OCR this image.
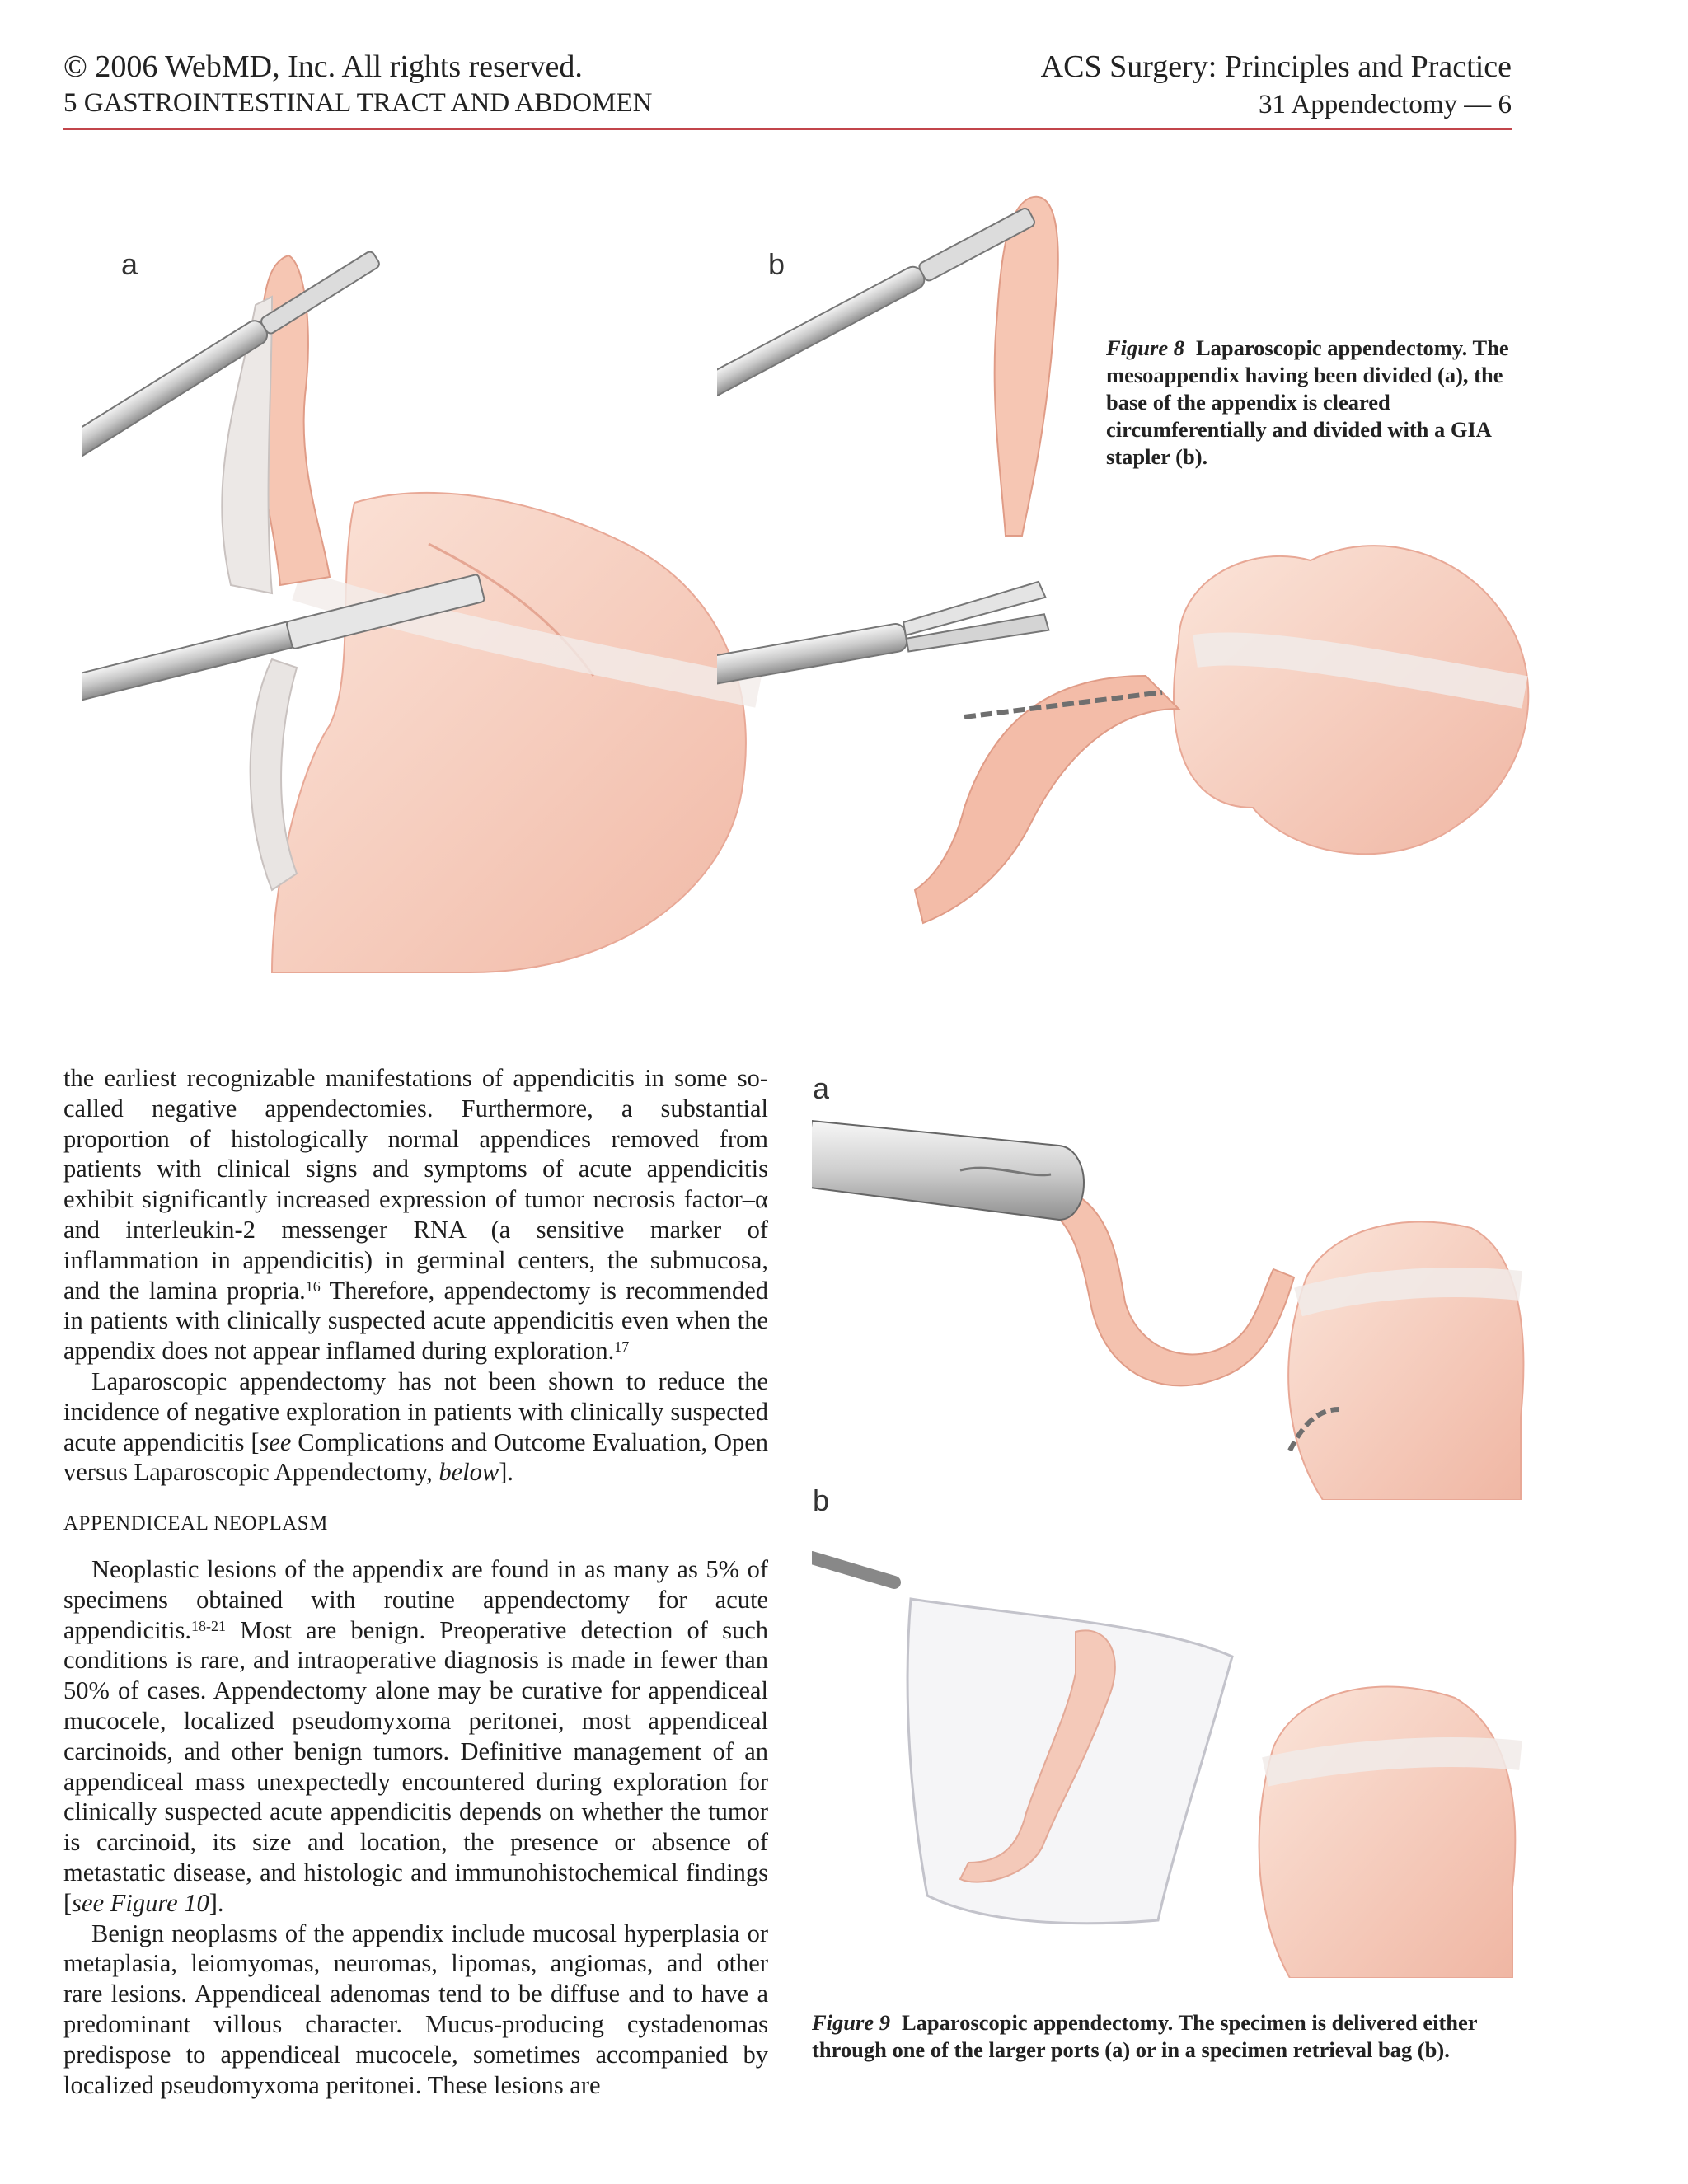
© 2006 WebMD, Inc. All rights reserved.
5 GASTROINTESTINAL TRACT AND ABDOMEN
ACS Surgery: Principles and Practice
31 Appendectomy — 6
a	b
Figure 8 Laparoscopic appendectomy. The mesoappendix having been divided (a), the base of the appendix is cleared circumferentially and divided with a GIA stapler (b).
a
b
Figure 9 Laparoscopic appendectomy. The specimen is delivered either through one of the larger ports (a) or in a specimen retrieval bag (b).

the earliest recognizable manifestations of appendicitis in some so-called negative appendectomies. Furthermore, a substantial proportion of histologically normal appendices removed from patients with clinical signs and symptoms of acute appendicitis exhibit significantly increased expression of tumor necrosis factor–α and interleukin-2 messenger RNA (a sensitive marker of inflammation in appendicitis) in germinal centers, the submucosa, and the lamina propria.$^{16}$ Therefore, appendectomy is recommended in patients with clinically suspected acute appendicitis even when the appendix does not appear inflamed during exploration.$^{17}$

Laparoscopic appendectomy has not been shown to reduce the incidence of negative exploration in patients with clinically suspected acute appendicitis [see Complications and Outcome Evaluation, Open versus Laparoscopic Appendectomy, below].

APPENDICEAL NEOPLASM

Neoplastic lesions of the appendix are found in as many as 5% of specimens obtained with routine appendectomy for acute appendicitis.$^{18-21}$ Most are benign. Preoperative detection of such conditions is rare, and intraoperative diagnosis is made in fewer than 50% of cases. Appendectomy alone may be curative for appendiceal mucocele, localized pseudomyxoma peritonei, most appendiceal carcinoids, and other benign tumors. Definitive management of an appendiceal mass unexpectedly encountered during exploration for clinically suspected acute appendicitis depends on whether the tumor is carcinoid, its size and location, the presence or absence of metastatic disease, and histologic and immunohistochemical findings [see Figure 10].

Benign neoplasms of the appendix include mucosal hyperplasia or metaplasia, leiomyomas, neuromas, lipomas, angiomas, and other rare lesions. Appendiceal adenomas tend to be diffuse and to have a predominant villous character. Mucus-producing cystadenomas predispose to appendiceal mucocele, sometimes accompanied by localized pseudomyxoma peritonei. These lesions are
